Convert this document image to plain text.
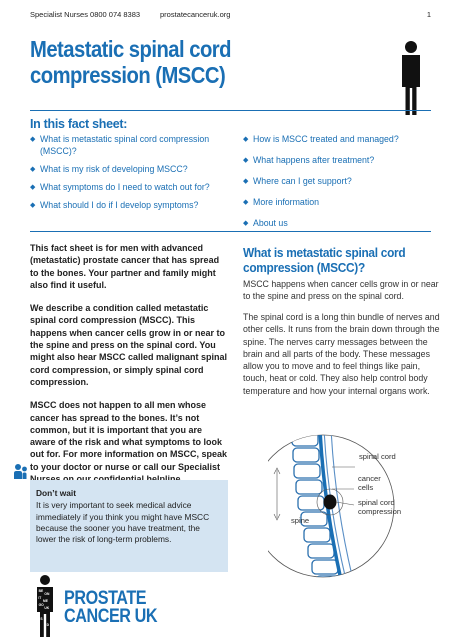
Specialist Nurses 0800 074 8383	prostatecanceruk.org	1
Metastatic spinal cord compression (MSCC)
In this fact sheet:
◆ What is metastatic spinal cord compression (MSCC)?
◆ What is my risk of developing MSCC?
◆ What symptoms do I need to watch out for?
◆ What should I do if I develop symptoms?
◆ How is MSCC treated and managed?
◆ What happens after treatment?
◆ Where can I get support?
◆ More information
◆ About us

This fact sheet is for men with advanced (metastatic) prostate cancer that has spread to the bones. Your partner and family might also find it useful.

We describe a condition called metastatic spinal cord compression (MSCC). This happens when cancer cells grow in or near to the spine and press on the spinal cord. You might also hear MSCC called malignant spinal cord compression, or simply spinal cord compression.

MSCC does not happen to all men whose cancer has spread to the bones. It’s not common, but it is important that you are aware of the risk and what symptoms to look out for. For more information on MSCC, speak to your doctor or nurse or call our Specialist

Don’t wait
It is very important to seek medical advice immediately if you think you might have MSCC because the sooner you have treatment, the lower the risk of long-term problems.
BE
ON
IT
ME
GO
UK
S
D
PROSTATE
CANCER UK
What is metastatic spinal cord compression (MSCC)?

MSCC happens when cancer cells grow in or near to the spine and press on the spinal cord.

The spinal cord is a long thin bundle of nerves and other cells. It runs from the brain down through the spine. The nerves carry messages between the brain and all parts of the body. These messages allow you to move and to feel things like pain, touch, heat or cold. They also help control body temperature and how your internal organs work.

spine
spinal cord
cancer cells
spinal cord compression
